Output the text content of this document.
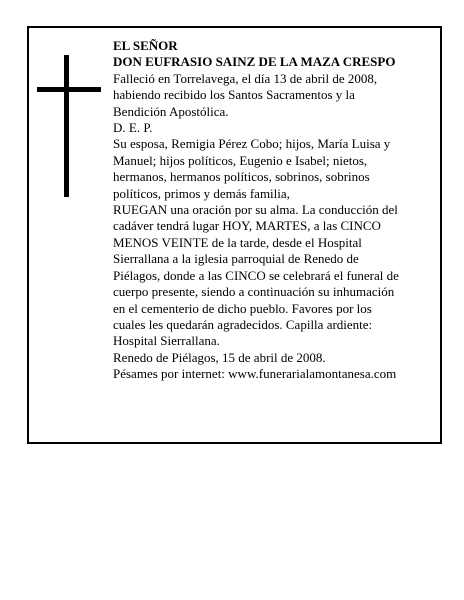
EL SEÑOR
DON EUFRASIO SAINZ DE LA MAZA CRESPO
Falleció en Torrelavega, el día 13 de abril de 2008,
habiendo recibido los Santos Sacramentos y la
Bendición Apostólica.
D. E. P.
Su esposa, Remigia Pérez Cobo; hijos, María Luisa y
Manuel; hijos políticos, Eugenio e Isabel; nietos,
hermanos, hermanos políticos, sobrinos, sobrinos
políticos, primos y demás familia,
RUEGAN una oración por su alma. La conducción del
cadáver tendrá lugar HOY, MARTES, a las CINCO
MENOS VEINTE de la tarde, desde el Hospital
Sierrallana a la iglesia parroquial de Renedo de
Piélagos, donde a las CINCO se celebrará el funeral de
cuerpo presente, siendo a continuación su inhumación
en el cementerio de dicho pueblo. Favores por los
cuales les quedarán agradecidos. Capilla ardiente:
Hospital Sierrallana.
Renedo de Piélagos, 15 de abril de 2008.
Pésames por internet: www.funerarialamontanesa.com
